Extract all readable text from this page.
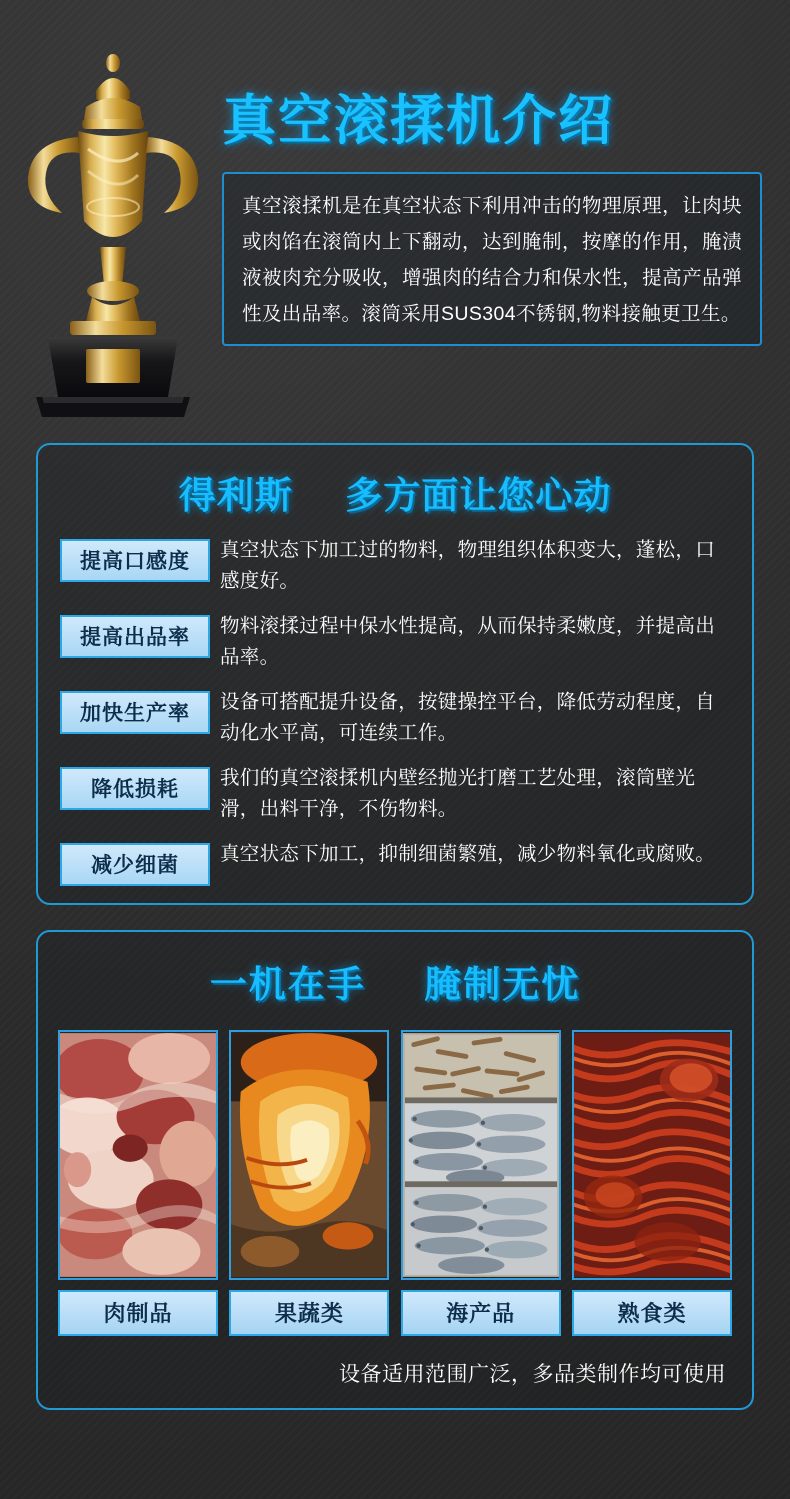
真空滚揉机介绍

真空滚揉机是在真空状态下利用冲击的物理原理，让肉块或肉馅在滚筒内上下翻动，达到腌制，按摩的作用，腌渍液被肉充分吸收，增强肉的结合力和保水性，提高产品弹性及出品率。滚筒采用SUS304不锈钢,物料接触更卫生。

得利斯 多方面让您心动
提高口感度	真空状态下加工过的物料，物理组织体积变大，蓬松，口感度好。
提高出品率	物料滚揉过程中保水性提高，从而保持柔嫩度，并提高出品率。
加快生产率	设备可搭配提升设备，按键操控平台，降低劳动程度，自动化水平高，可连续工作。
降低损耗	我们的真空滚揉机内壁经抛光打磨工艺处理，滚筒壁光滑，出料干净，不伤物料。
减少细菌	真空状态下加工，抑制细菌繁殖，减少物料氧化或腐败。
一机在手 腌制无忧
肉制品	果蔬类	海产品	熟食类
设备适用范围广泛，多品类制作均可使用
